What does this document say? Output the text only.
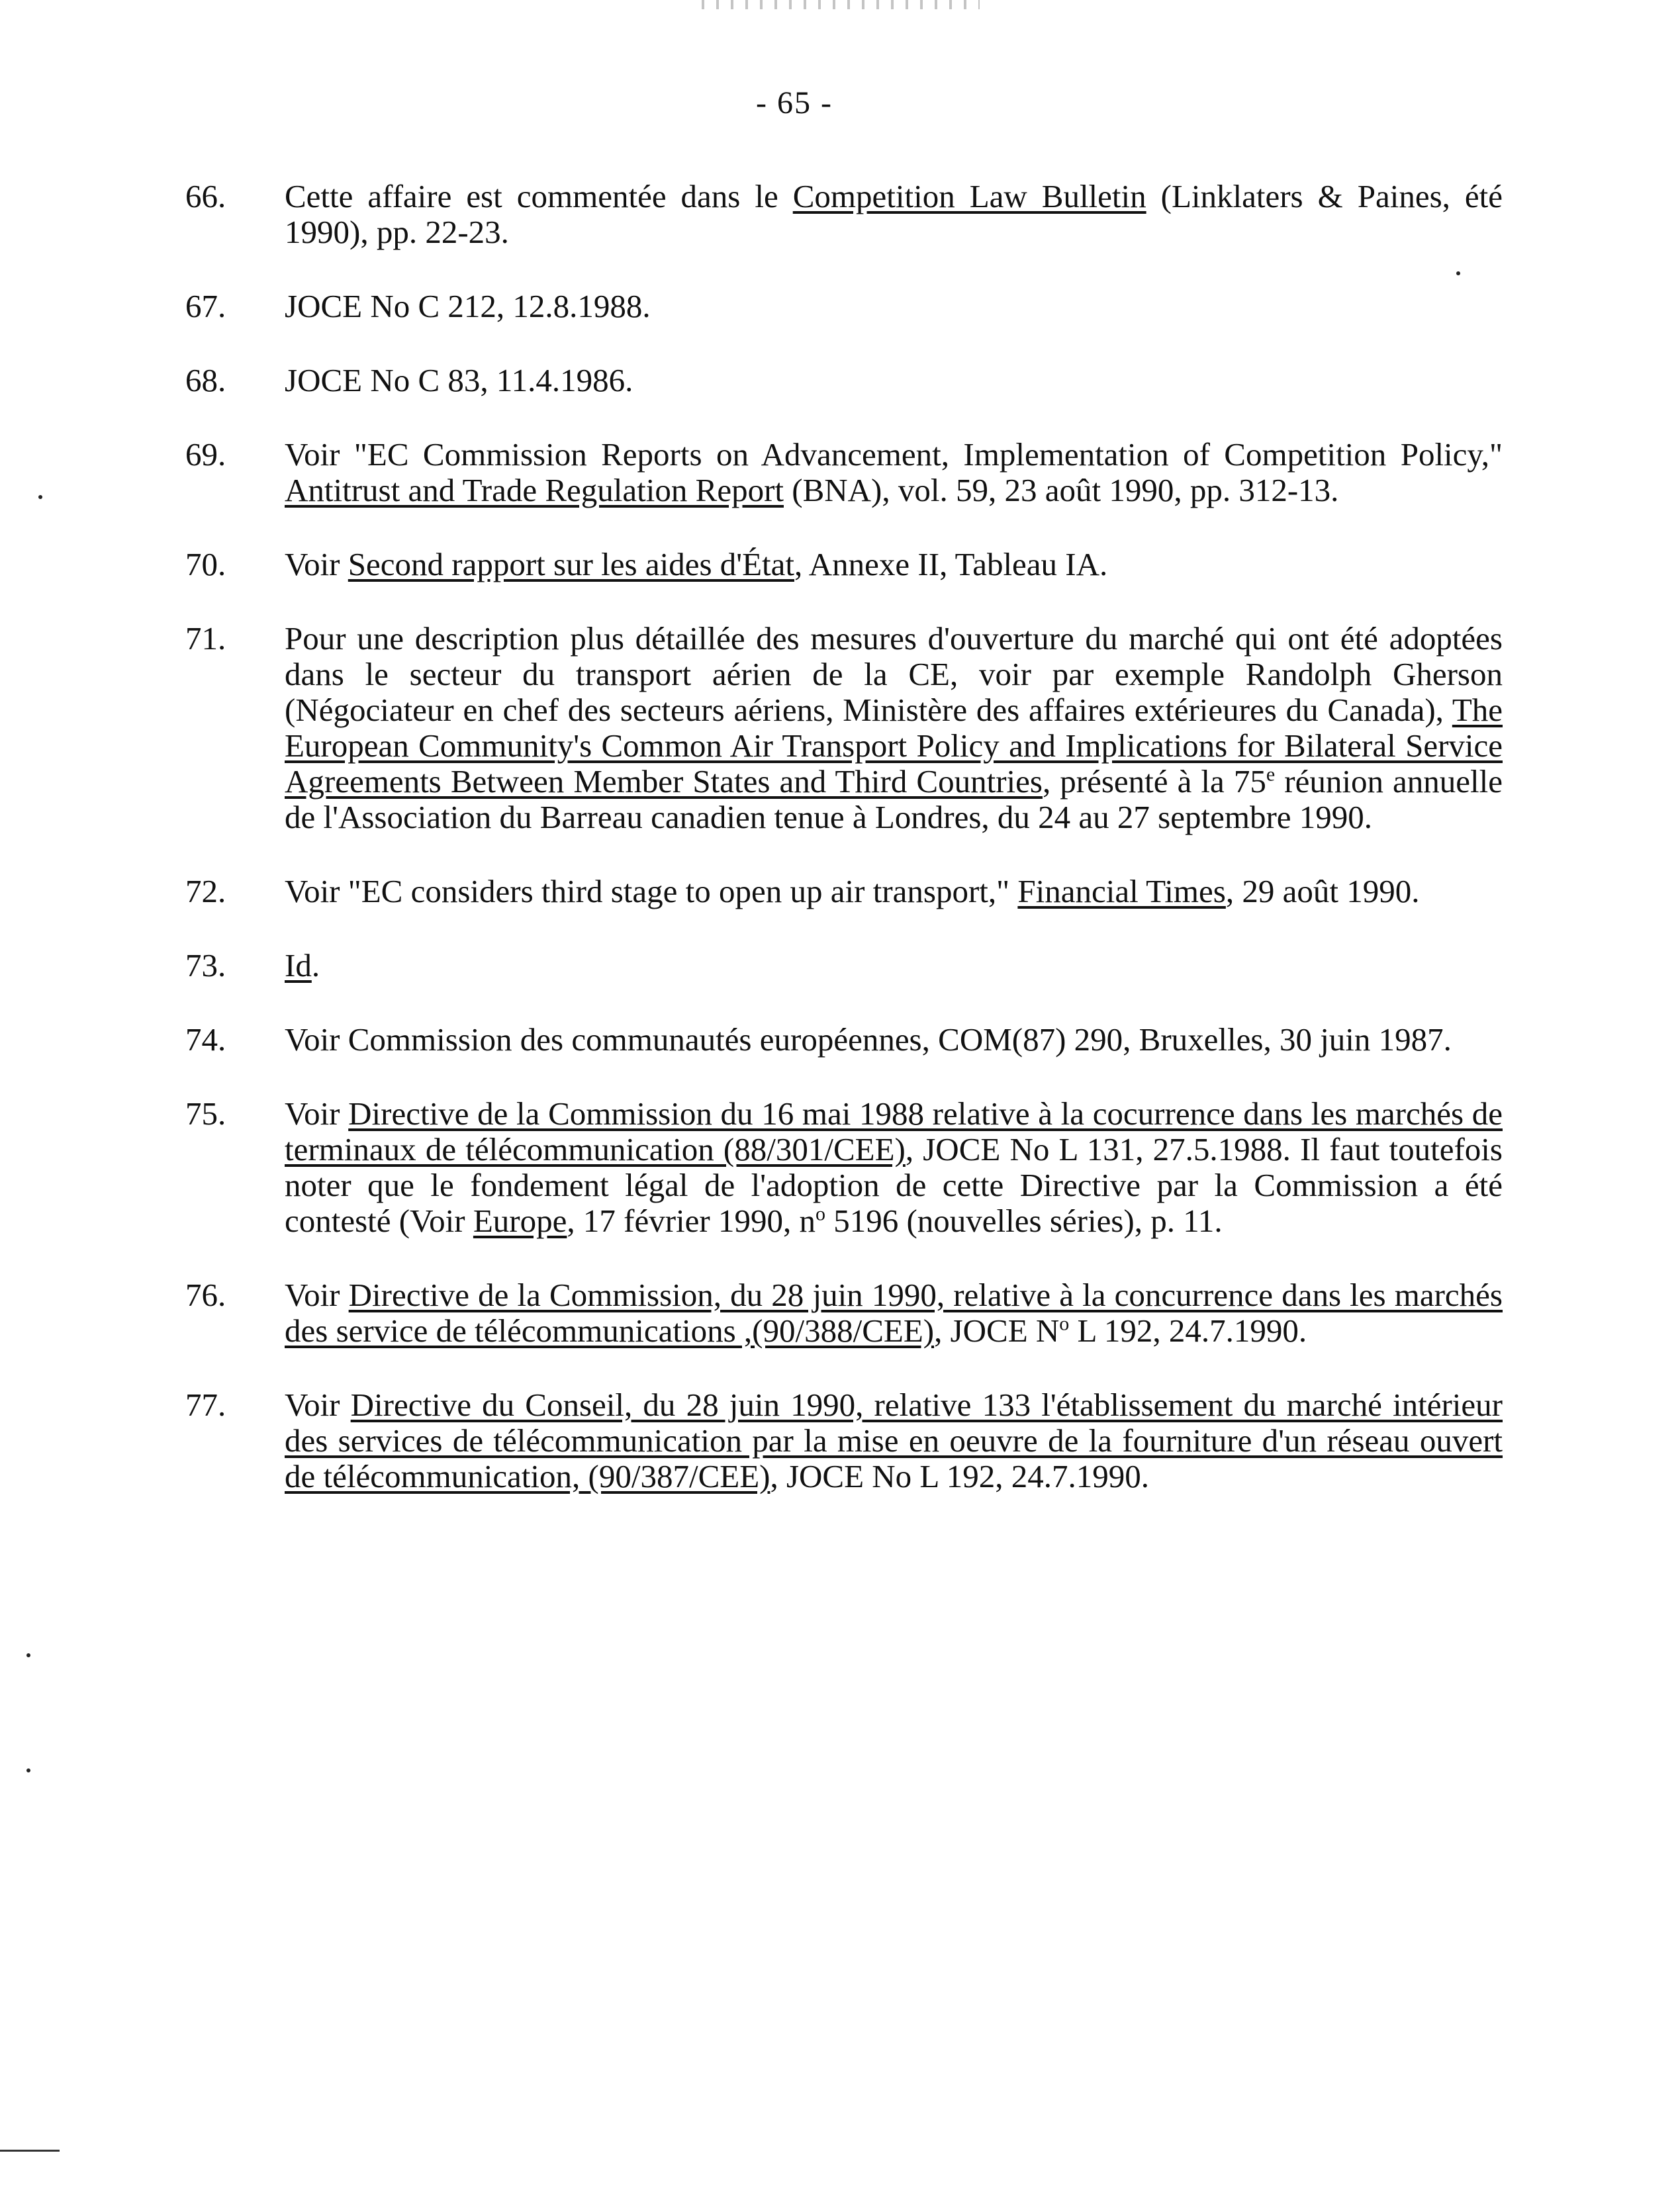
- 65 -
66.	Cette affaire est commentée dans le Competition Law Bulletin (Linklaters & Paines, été 1990), pp. 22-23.
67.	JOCE No C 212, 12.8.1988.
68.	JOCE No C 83, 11.4.1986.
69.	Voir "EC Commission Reports on Advancement, Implementation of Competition Policy," Antitrust and Trade Regulation Report (BNA), vol. 59, 23 août 1990, pp. 312-13.
70.	Voir Second rapport sur les aides d'État, Annexe II, Tableau IA.
71.	Pour une description plus détaillée des mesures d'ouverture du marché qui ont été adoptées dans le secteur du transport aérien de la CE, voir par exemple Randolph Gherson (Négociateur en chef des secteurs aériens, Ministère des affaires extérieures du Canada), The European Community's Common Air Transport Policy and Implications for Bilateral Service Agreements Between Member States and Third Countries, présenté à la 75e réunion annuelle de l'Association du Barreau canadien tenue à Londres, du 24 au 27 septembre 1990.
72.	Voir "EC considers third stage to open up air transport," Financial Times, 29 août 1990.
73.	Id.
74.	Voir Commission des communautés européennes, COM(87) 290, Bruxelles, 30 juin 1987.
75.	Voir Directive de la Commission du 16 mai 1988 relative à la cocurrence dans les marchés de terminaux de télécommunication (88/301/CEE), JOCE No L 131, 27.5.1988. Il faut toutefois noter que le fondement légal de l'adoption de cette Directive par la Commission a été contesté (Voir Europe, 17 février 1990, $n^o$ 5196 (nouvelles séries), p. 11.
76.	Voir Directive de la Commission, du 28 juin 1990, relative à la concurrence dans les marchés des service de télécommunications ,(90/388/CEE), JOCE $N^o$ L 192, 24.7.1990.
77.	Voir Directive du Conseil, du 28 juin 1990, relative 133 l'établissement du marché intérieur des services de télécommunication par la mise en oeuvre de la fourniture d'un réseau ouvert de télécommunication, (90/387/CEE), JOCE No L 192, 24.7.1990.
